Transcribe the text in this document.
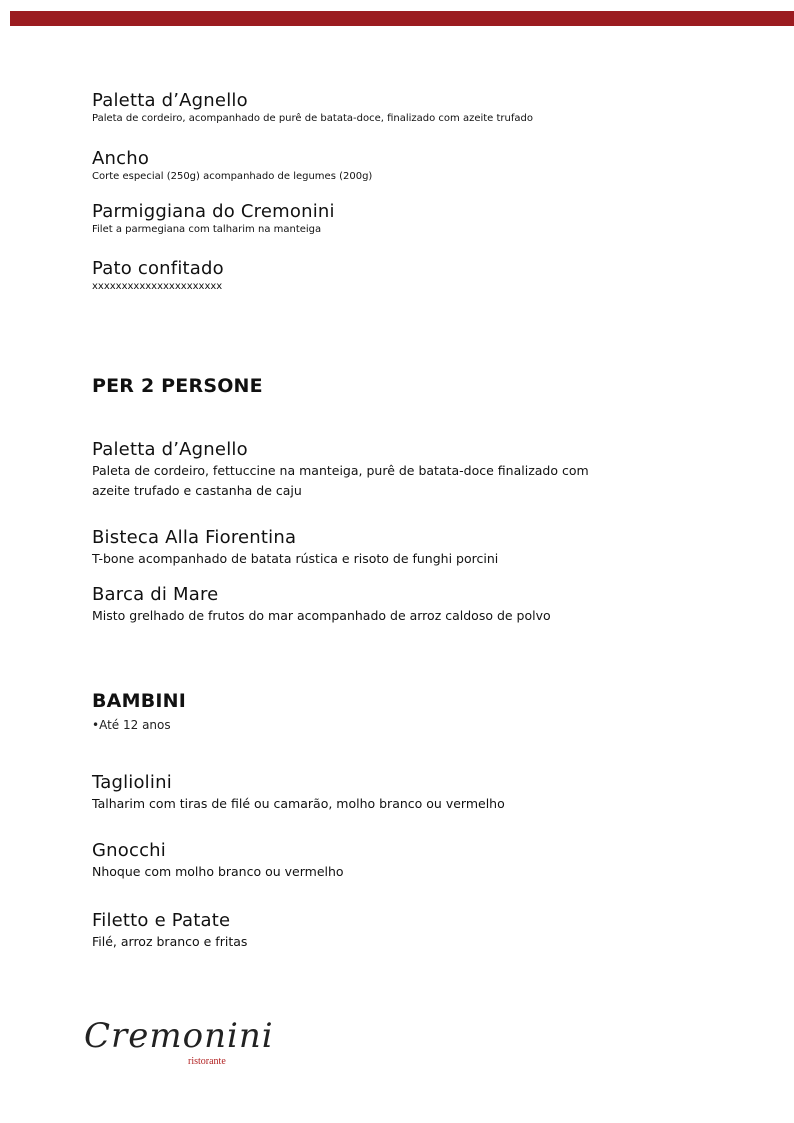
Paletta d’Agnello
Paleta de cordeiro, acompanhado de purê de batata-doce, finalizado com azeite trufado
Ancho
Corte especial (250g) acompanhado de legumes (200g)
Parmiggiana do Cremonini
Filet a parmegiana com talharim na manteiga
Pato confitado
xxxxxxxxxxxxxxxxxxxxxx
PER 2 PERSONE
Paletta d’Agnello
Paleta de cordeiro, fettuccine na manteiga, purê de batata-doce finalizado com azeite trufado e castanha de caju
Bisteca Alla Fiorentina
T-bone acompanhado de batata rústica e risoto de funghi porcini
Barca di Mare
Misto grelhado de frutos do mar acompanhado de arroz caldoso de polvo
BAMBINI
•Até 12 anos
Tagliolini
Talharim com tiras de filé ou camarão, molho branco ou vermelho
Gnocchi
Nhoque com molho branco ou vermelho
Filetto e Patate
Filé, arroz branco e fritas
Cremonini
ristorante
